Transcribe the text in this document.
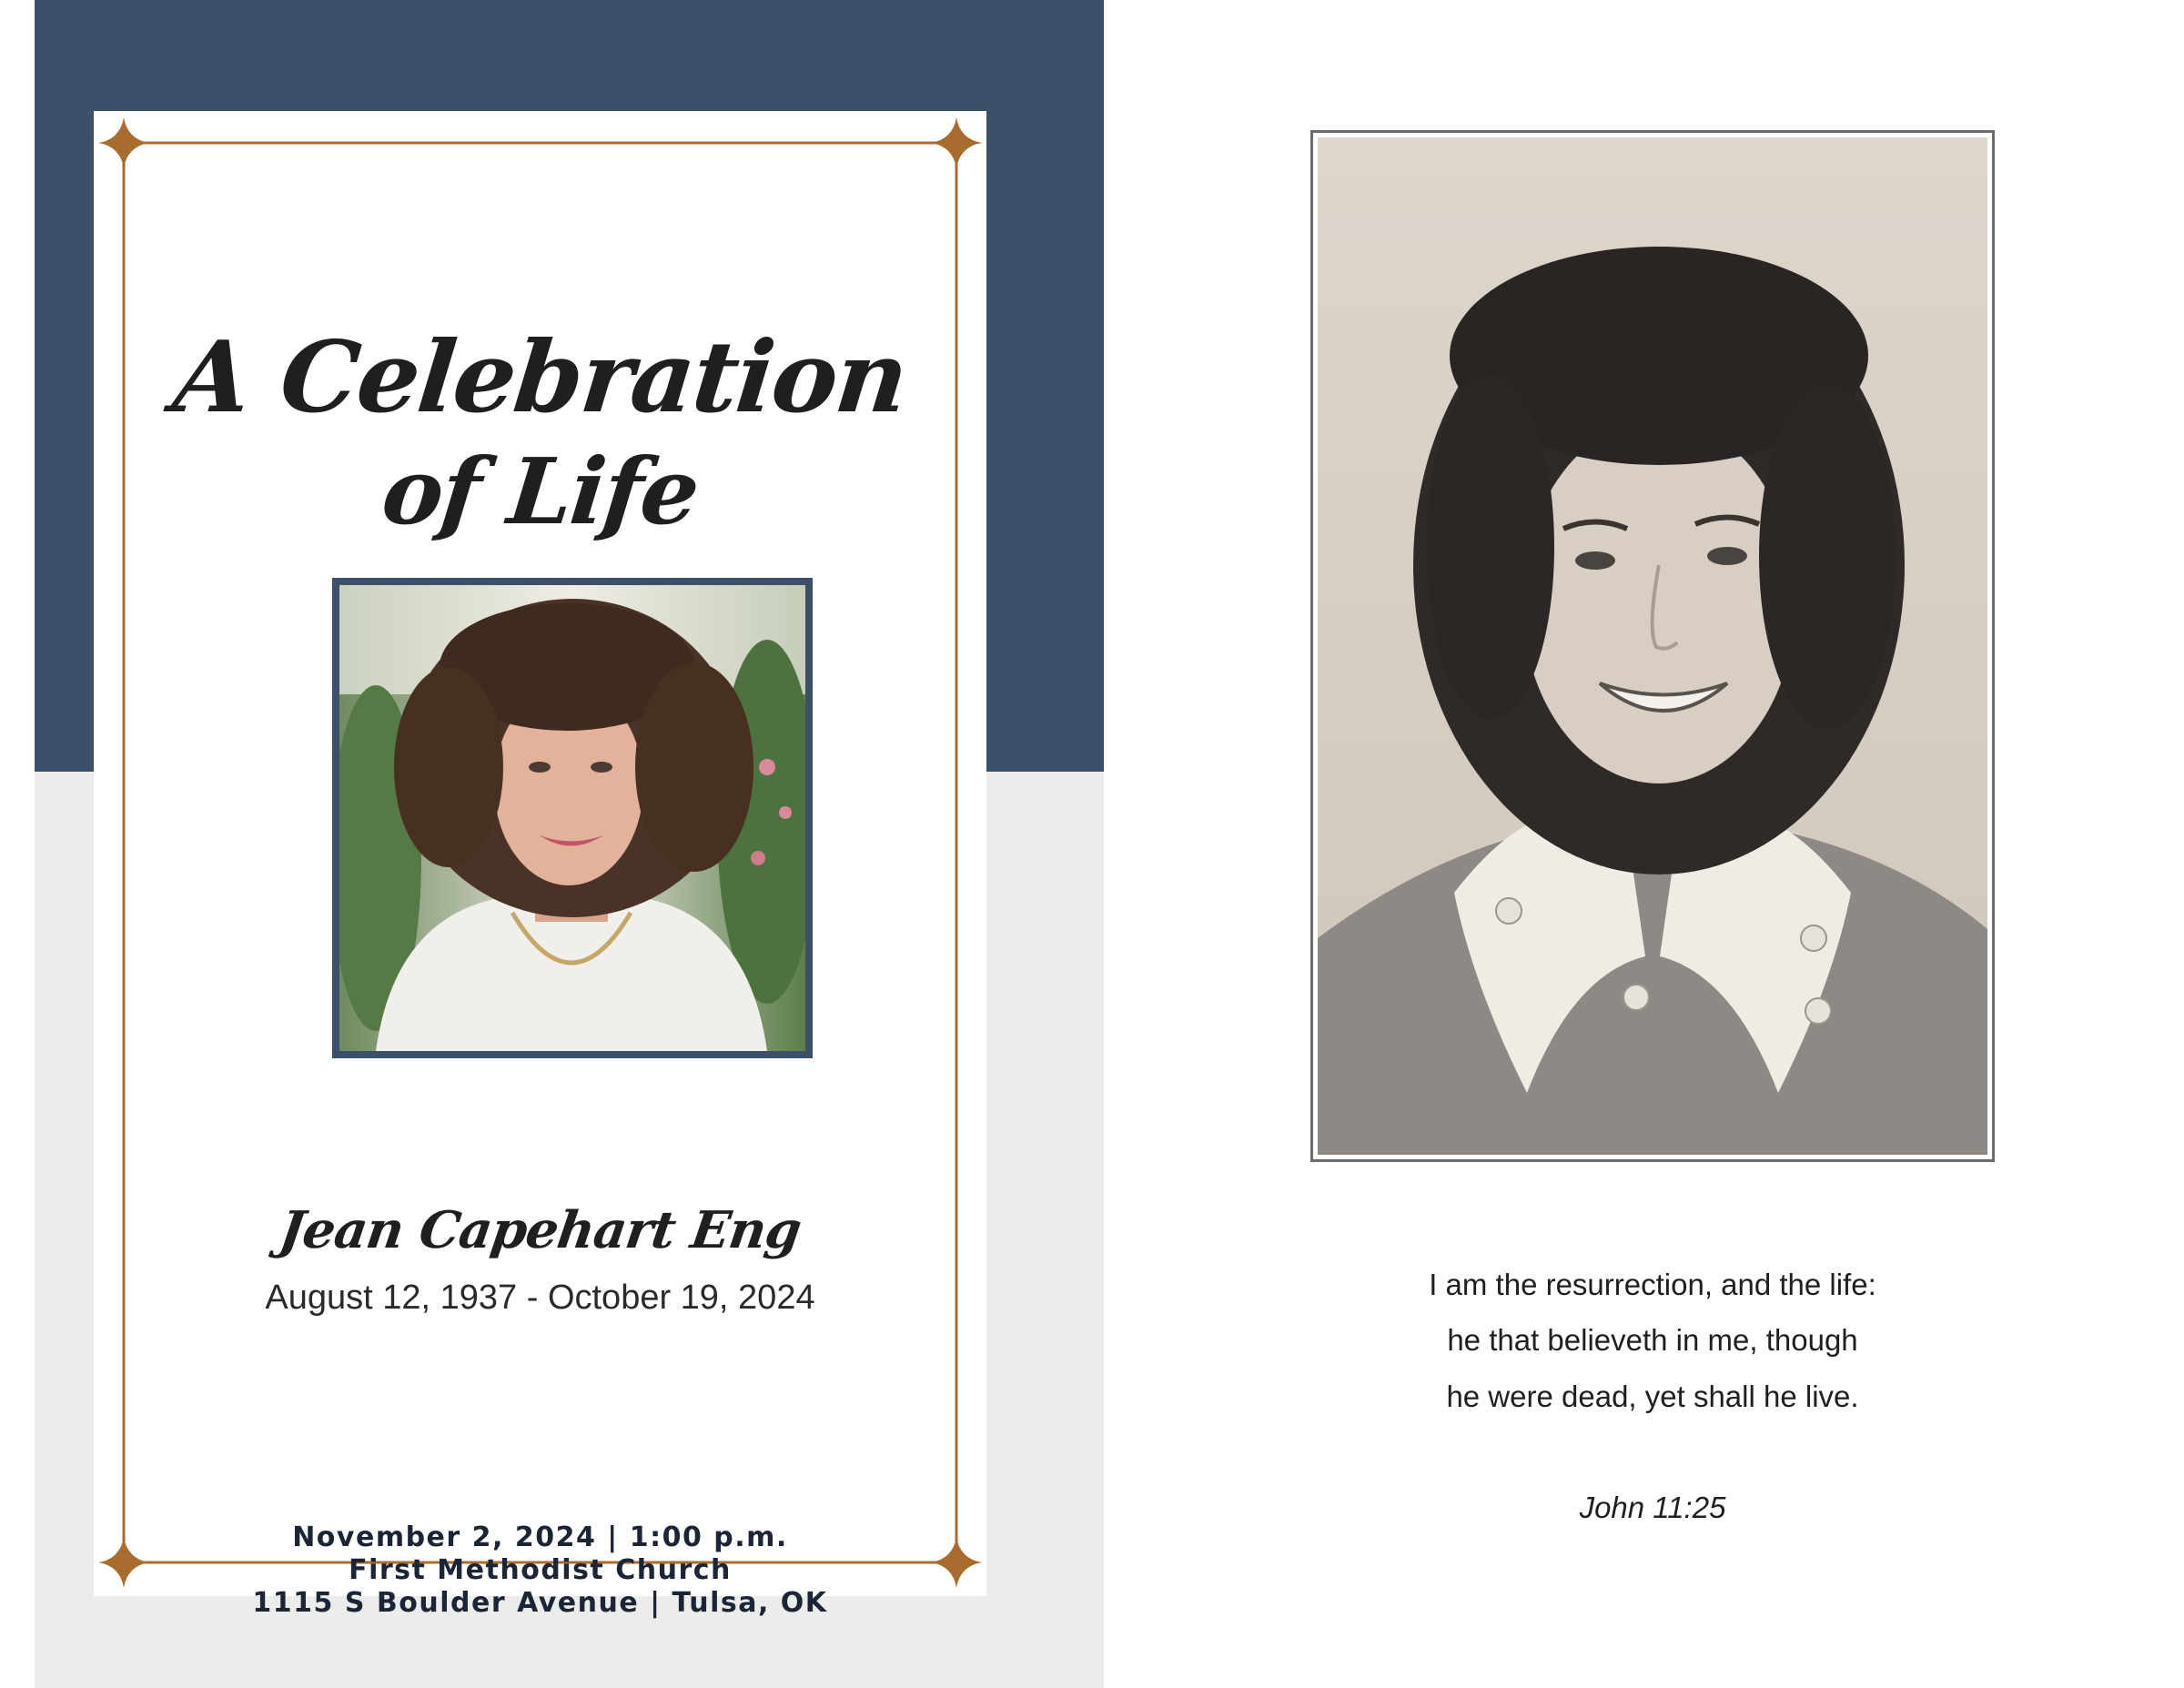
A Celebration
of Life
Jean Capehart Eng
August 12, 1937 - October 19, 2024
November 2, 2024 | 1:00 p.m.
First Methodist Church
1115 S Boulder Avenue | Tulsa, OK
I am the resurrection, and the life:
he that believeth in me, though
he were dead, yet shall he live.
John 11:25
